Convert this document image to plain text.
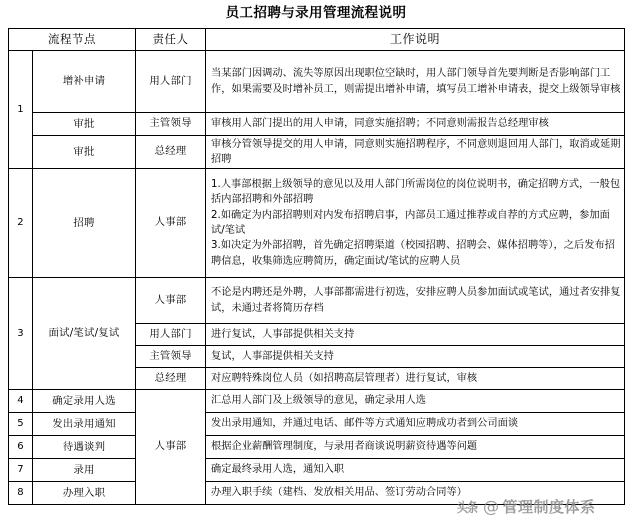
员工招聘与录用管理流程说明
流程节点		责任人	工作说明
1	增补申请	用人部门	当某部门因调动、流失等原因出现职位空缺时，用人部门领导首先要判断是否影响部门工作，如果需要及时增补员工，则需提出增补申请，填写员工增补申请表，提交上级领导审核
	审批	主管领导	审核用人部门提出的用人申请，同意实施招聘；不同意则需报告总经理审核
	审批	总经理	审核分管领导提交的用人申请，同意则实施招聘程序，不同意则退回用人部门，取消或延期招聘
2	招聘	人事部	1.人事部根据上级领导的意见以及用人部门所需岗位的岗位说明书，确定招聘方式，一般包括内部招聘和外部招聘
2.如确定为内部招聘则对内发布招聘启事，内部员工通过推荐或自荐的方式应聘，参加面试/笔试
3.如决定为外部招聘，首先确定招聘渠道（校园招聘、招聘会、媒体招聘等），之后发布招聘信息，收集筛选应聘简历，确定面试/笔试的应聘人员

3	面试/笔试/复试	人事部	不论是内聘还是外聘，人事部都需进行初选，安排应聘人员参加面试或笔试，通过者安排复试，未通过者将简历存档
		用人部门	进行复试，人事部提供相关支持
		主管领导	复试，人事部提供相关支持
		总经理	对应聘特殊岗位人员（如招聘高层管理者）进行复试，审核
4	确定录用人选	人事部	汇总用人部门及上级领导的意见，确定录用人选
5	发出录用通知		发出录用通知，并通过电话、邮件等方式通知应聘成功者到公司面谈
6	待遇谈判		根据企业薪酬管理制度，与录用者商谈说明薪资待遇等问题
7	录用		确定最终录用人选，通知入职
8	办理入职		办理入职手续（建档、发放相关用品、签订劳动合同等）
头条 @ 管理制度体系
